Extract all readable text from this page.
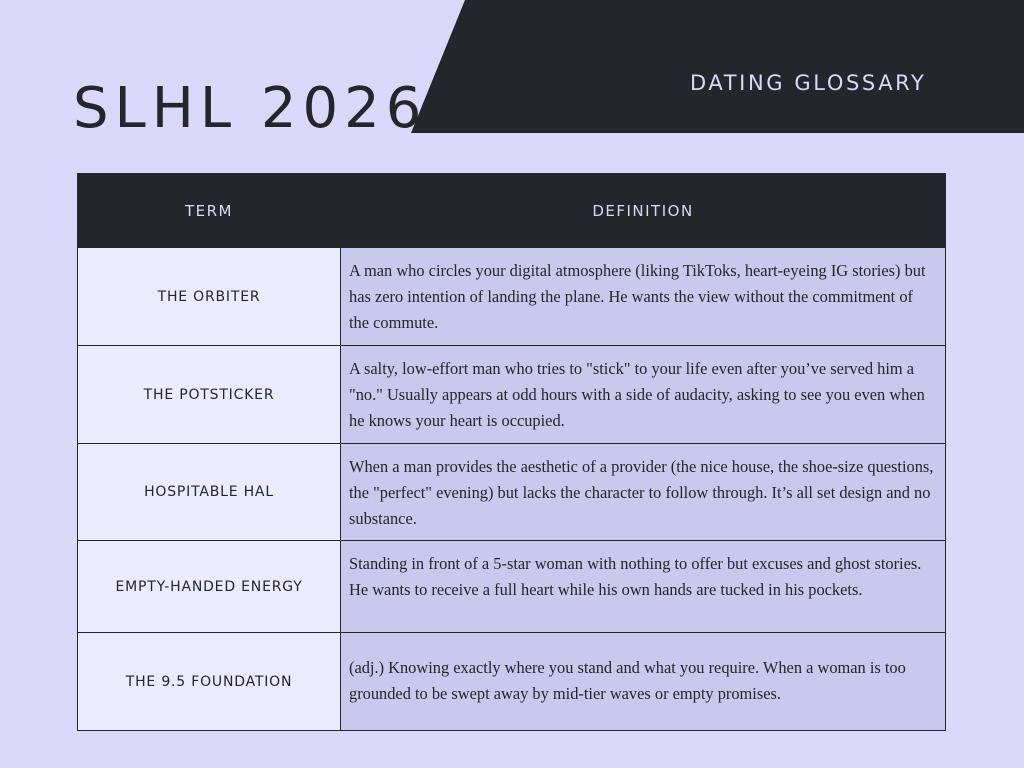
SLHL 2026	DATING GLOSSARY
TERM	DEFINITION
THE ORBITER	A man who circles your digital atmosphere (liking TikToks, heart-eyeing IG stories) but has zero intention of landing the plane. He wants the view without the commitment of the commute.
THE POTSTICKER	A salty, low-effort man who tries to "stick" to your life even after you’ve served him a "no." Usually appears at odd hours with a side of audacity, asking to see you even when he knows your heart is occupied.
HOSPITABLE HAL	When a man provides the aesthetic of a provider (the nice house, the shoe-size questions, the "perfect" evening) but lacks the character to follow through. It’s all set design and no substance.
EMPTY-HANDED ENERGY	Standing in front of a 5-star woman with nothing to offer but excuses and ghost stories. He wants to receive a full heart while his own hands are tucked in his pockets.
THE 9.5 FOUNDATION	(adj.) Knowing exactly where you stand and what you require. When a woman is too grounded to be swept away by mid-tier waves or empty promises.
